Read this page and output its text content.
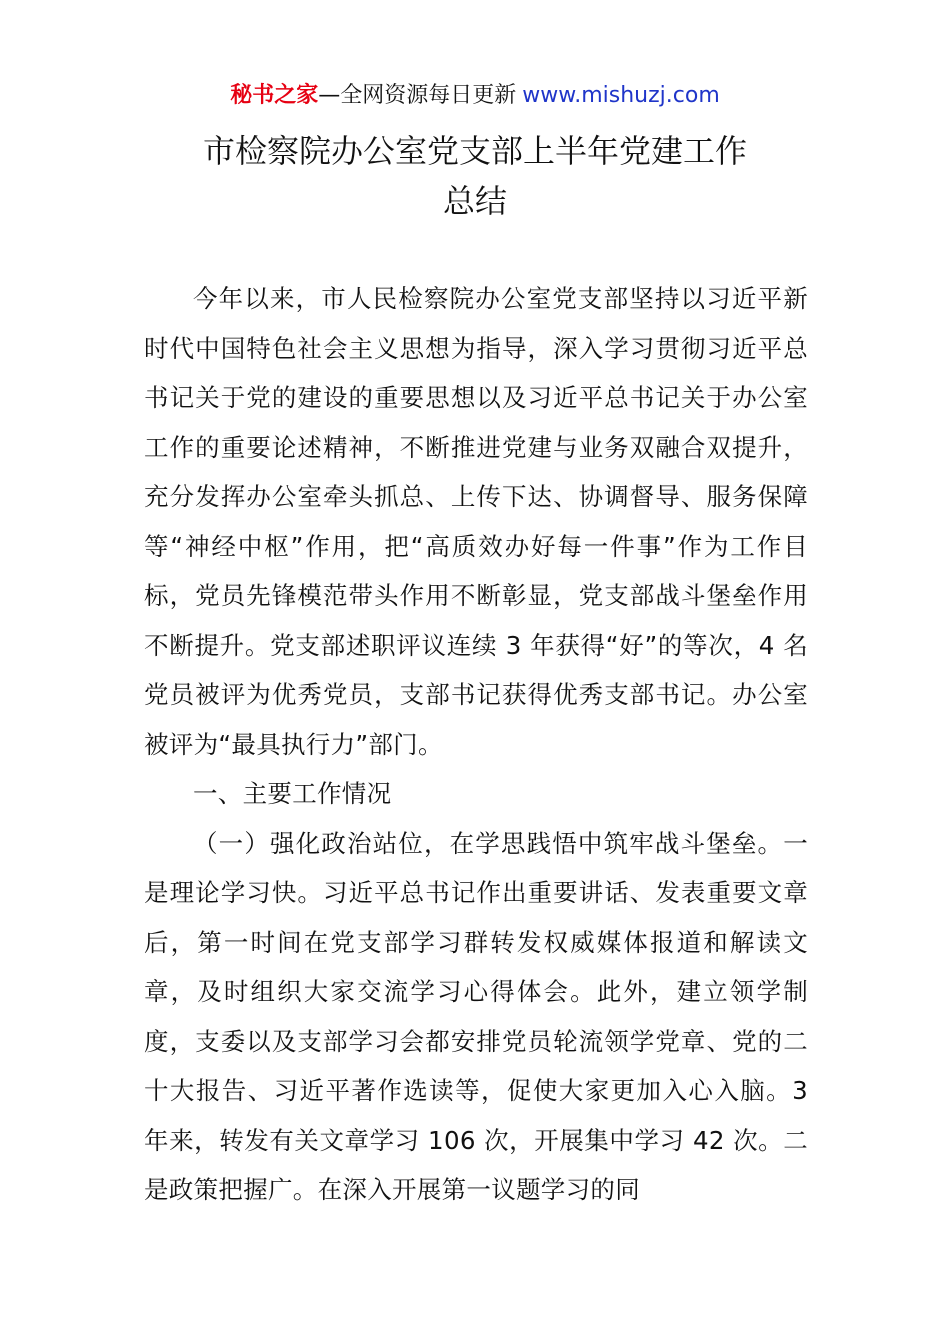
秘书之家—全网资源每日更新 www.mishuzj.com
市检察院办公室党支部上半年党建工作
总结

今年以来，市人民检察院办公室党支部坚持以习近平新时代中国特色社会主义思想为指导，深入学习贯彻习近平总书记关于党的建设的重要思想以及习近平总书记关于办公室工作的重要论述精神，不断推进党建与业务双融合双提升，充分发挥办公室牵头抓总、上传下达、协调督导、服务保障等“神经中枢”作用，把“高质效办好每一件事”作为工作目标，党员先锋模范带头作用不断彰显，党支部战斗堡垒作用不断提升。党支部述职评议连续 3 年获得“好”的等次，4 名党员被评为优秀党员，支部书记获得优秀支部书记。办公室被评为“最具执行力”部门。

一、主要工作情况

（一）强化政治站位，在学思践悟中筑牢战斗堡垒。一是理论学习快。习近平总书记作出重要讲话、发表重要文章后，第一时间在党支部学习群转发权威媒体报道和解读文章，及时组织大家交流学习心得体会。此外，建立领学制度，支委以及支部学习会都安排党员轮流领学党章、党的二十大报告、习近平著作选读等，促使大家更加入心入脑。3 年来，转发有关文章学习 106 次，开展集中学习 42 次。二是政策把握广。在深入开展第一议题学习的同
